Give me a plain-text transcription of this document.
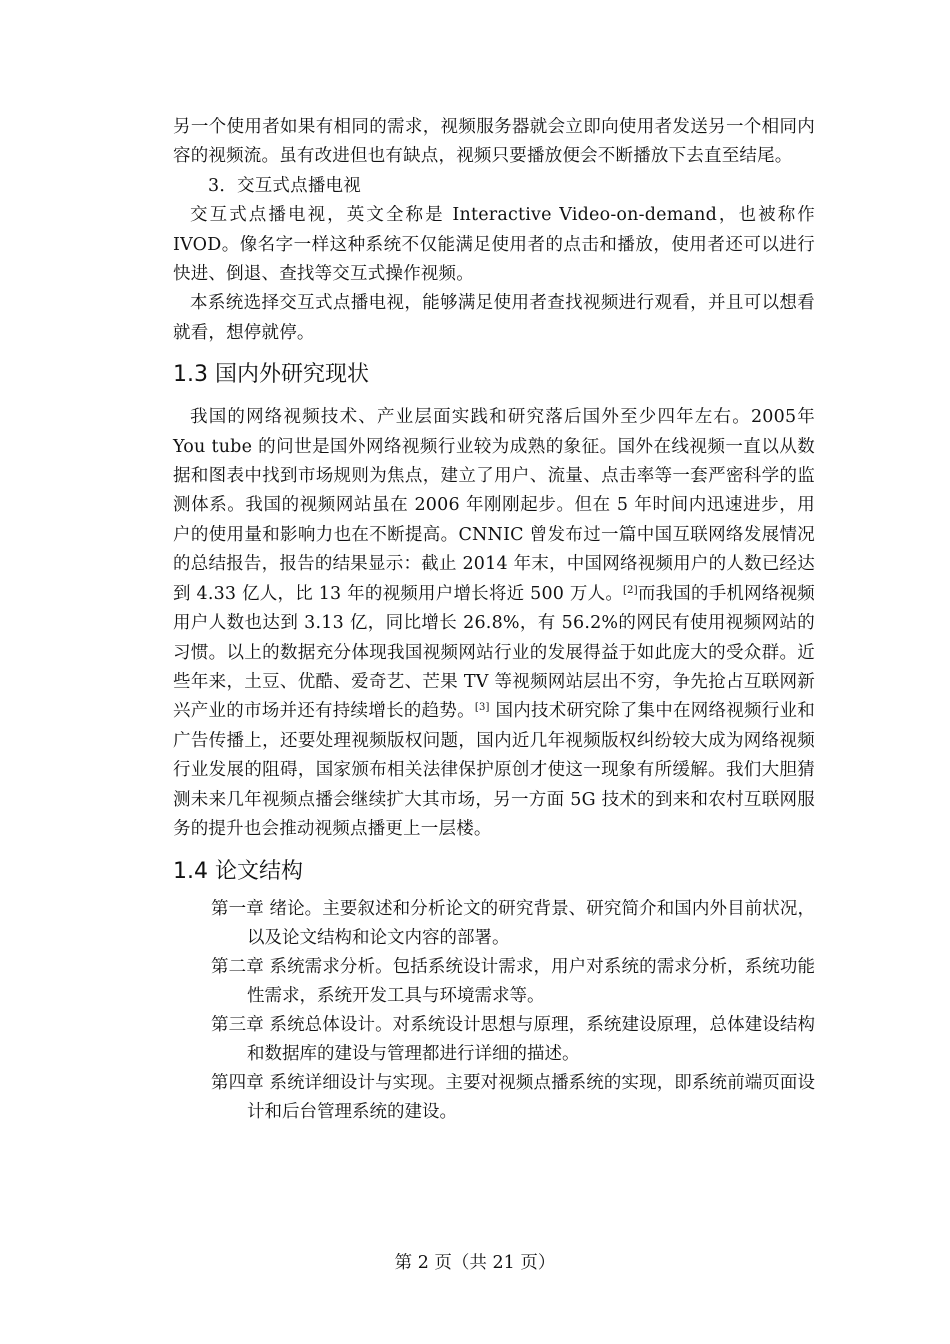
另一个使用者如果有相同的需求，视频服务器就会立即向使用者发送另一个相同内容的视频流。虽有改进但也有缺点，视频只要播放便会不断播放下去直至结尾。

3．交互式点播电视

交互式点播电视，英文全称是 Interactive Video-on-demand，也被称作IVOD。像名字一样这种系统不仅能满足使用者的点击和播放，使用者还可以进行快进、倒退、查找等交互式操作视频。

本系统选择交互式点播电视，能够满足使用者查找视频进行观看，并且可以想看就看，想停就停。

1.3 国内外研究现状

我国的网络视频技术、产业层面实践和研究落后国外至少四年左右。2005年 You tube 的问世是国外网络视频行业较为成熟的象征。国外在线视频一直以从数据和图表中找到市场规则为焦点，建立了用户、流量、点击率等一套严密科学的监测体系。我国的视频网站虽在 2006 年刚刚起步。但在 5 年时间内迅速进步，用户的使用量和影响力也在不断提高。CNNIC 曾发布过一篇中国互联网络发展情况的总结报告，报告的结果显示：截止 2014 年末，中国网络视频用户的人数已经达到 4.33 亿人，比 13 年的视频用户增长将近 500 万人。[2]而我国的手机网络视频用户人数也达到 3.13 亿，同比增长 26.8%，有 56.2%的网民有使用视频网站的习惯。以上的数据充分体现我国视频网站行业的发展得益于如此庞大的受众群。近些年来，土豆、优酷、爱奇艺、芒果 TV 等视频网站层出不穷，争先抢占互联网新兴产业的市场并还有持续增长的趋势。[3] 国内技术研究除了集中在网络视频行业和广告传播上，还要处理视频版权问题，国内近几年视频版权纠纷较大成为网络视频行业发展的阻碍，国家颁布相关法律保护原创才使这一现象有所缓解。我们大胆猜测未来几年视频点播会继续扩大其市场，另一方面 5G 技术的到来和农村互联网服务的提升也会推动视频点播更上一层楼。

1.4 论文结构
第一章 绪论。主要叙述和分析论文的研究背景、研究简介和国内外目前状况，以及论文结构和论文内容的部署。
第二章 系统需求分析。包括系统设计需求，用户对系统的需求分析，系统功能性需求，系统开发工具与环境需求等。
第三章 系统总体设计。对系统设计思想与原理，系统建设原理，总体建设结构和数据库的建设与管理都进行详细的描述。
第四章 系统详细设计与实现。主要对视频点播系统的实现，即系统前端页面设计和后台管理系统的建设。
第 2 页（共 21 页）
